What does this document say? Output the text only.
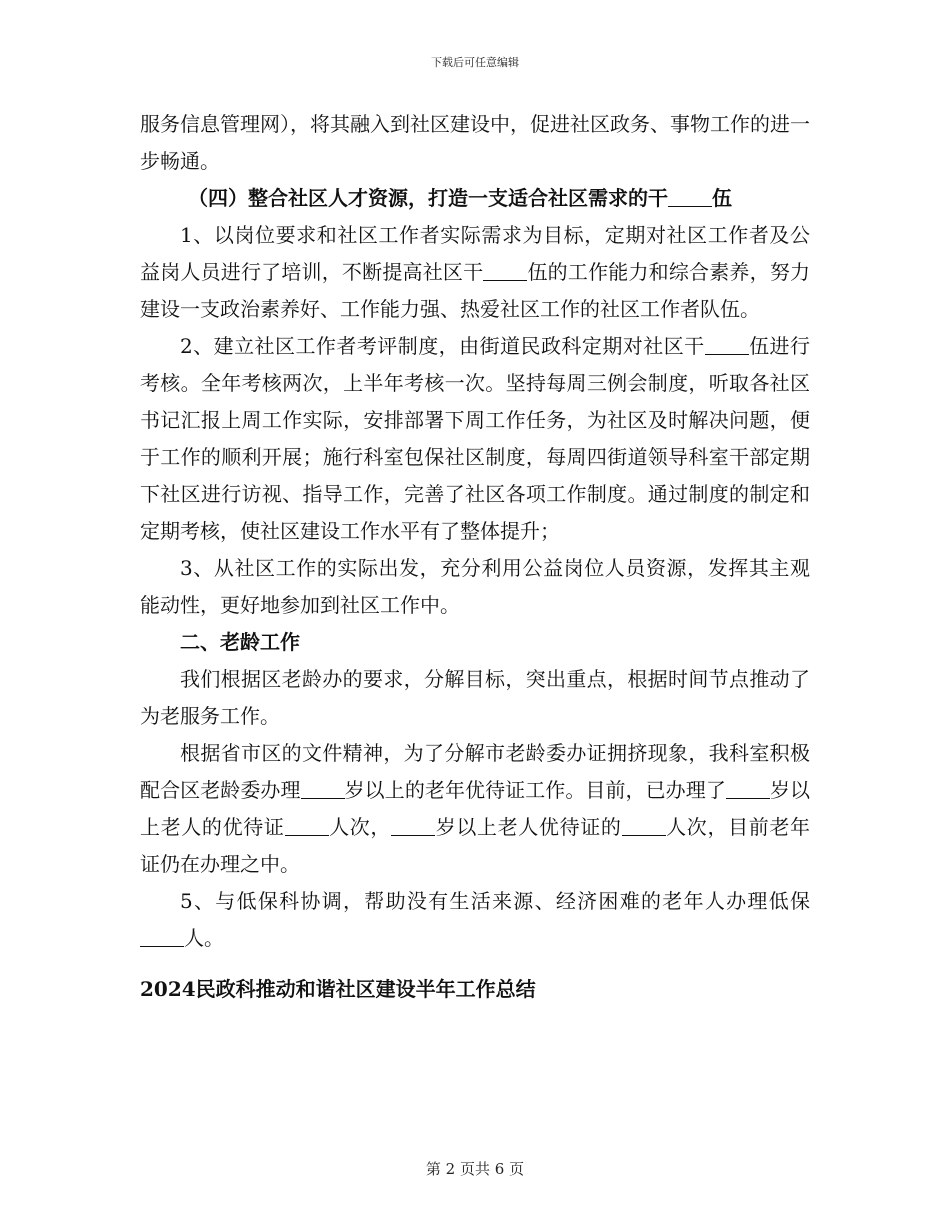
下载后可任意编辑

服务信息管理网），将其融入到社区建设中，促进社区政务、事物工作的进一步畅通。

（四）整合社区人才资源，打造一支适合社区需求的干 伍

1、以岗位要求和社区工作者实际需求为目标，定期对社区工作者及公益岗人员进行了培训，不断提高社区干 伍的工作能力和综合素养，努力建设一支政治素养好、工作能力强、热爱社区工作的社区工作者队伍。

2、建立社区工作者考评制度，由街道民政科定期对社区干 伍进行考核。全年考核两次，上半年考核一次。坚持每周三例会制度，听取各社区书记汇报上周工作实际，安排部署下周工作任务，为社区及时解决问题，便于工作的顺利开展；施行科室包保社区制度，每周四街道领导科室干部定期下社区进行访视、指导工作，完善了社区各项工作制度。通过制度的制定和定期考核，使社区建设工作水平有了整体提升；

3、从社区工作的实际出发，充分利用公益岗位人员资源，发挥其主观能动性，更好地参加到社区工作中。

二、老龄工作

我们根据区老龄办的要求，分解目标，突出重点，根据时间节点推动了为老服务工作。

根据省市区的文件精神，为了分解市老龄委办证拥挤现象，我科室积极配合区老龄委办理 岁以上的老年优待证工作。目前，已办理了 岁以上老人的优待证 人次， 岁以上老人优待证的 人次，目前老年证仍在办理之中。

5、与低保科协调，帮助没有生活来源、经济困难的老年人办理低保人。

2024民政科推动和谐社区建设半年工作总结

第 2 页共 6 页
